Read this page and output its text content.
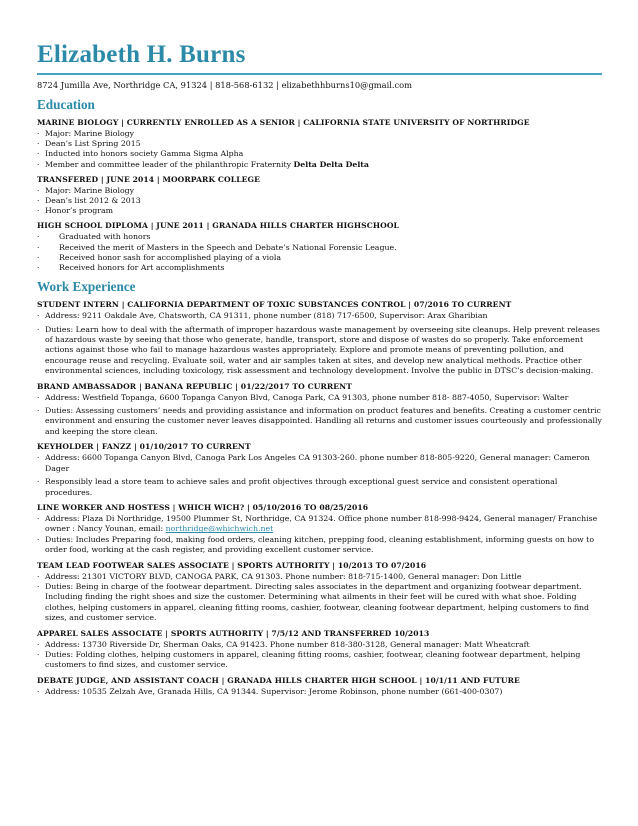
Elizabeth H. Burns
8724 Jumilla Ave, Northridge CA, 91324 | 818-568-6132 | elizabethhburns10@gmail.com
Education
MARINE BIOLOGY | CURRENTLY ENROLLED AS A SENIOR | CALIFORNIA STATE UNIVERSITY OF NORTHRIDGE
· Major: Marine Biology
· Dean’s List Spring 2015
· Inducted into honors society Gamma Sigma Alpha
· Member and committee leader of the philanthropic Fraternity Delta Delta Delta
TRANSFERED | JUNE 2014 | MOORPARK COLLEGE
· Major: Marine Biology
· Dean’s list 2012 & 2013
· Honor’s program
HIGH SCHOOL DIPLOMA | JUNE 2011 | GRANADA HILLS CHARTER HIGHSCHOOL
·	Graduated with honors
·	Received the merit of Masters in the Speech and Debate’s National Forensic League.
·	Received honor sash for accomplished playing of a viola
·	Received honors for Art accomplishments
Work Experience
STUDENT INTERN | CALIFORNIA DEPARTMENT OF TOXIC SUBSTANCES CONTROL | 07/2016 TO CURRENT
· Address: 9211 Oakdale Ave, Chatsworth, CA 91311, phone number (818) 717-6500, Supervisor: Arax Gharibian
· Duties: Learn how to deal with the aftermath of improper hazardous waste management by overseeing site cleanups. Help prevent releases of hazardous waste by seeing that those who generate, handle, transport, store and dispose of wastes do so properly. Take enforcement actions against those who fail to manage hazardous wastes appropriately. Explore and promote means of preventing pollution, and encourage reuse and recycling. Evaluate soil, water and air samples taken at sites, and develop new analytical methods. Practice other environmental sciences, including toxicology, risk assessment and technology development. Involve the public in DTSC’s decision-making.
BRAND AMBASSADOR | BANANA REPUBLIC | 01/22/2017 TO CURRENT
· Address: Westfield Topanga, 6600 Topanga Canyon Blvd, Canoga Park, CA 91303, phone number 818- 887-4050, Supervisor: Walter
· Duties: Assessing customers’ needs and providing assistance and information on product features and benefits. Creating a customer centric environment and ensuring the customer never leaves disappointed. Handling all returns and customer issues courteously and professionally and keeping the store clean.
KEYHOLDER | FANZZ | 01/10/2017 TO CURRENT
· Address: 6600 Topanga Canyon Blvd, Canoga Park Los Angeles CA 91303-260. phone number 818-805-9220, General manager: Cameron Dager
· Responsibly lead a store team to achieve sales and profit objectives through exceptional guest service and consistent operational procedures.
LINE WORKER AND HOSTESS | WHICH WICH? | 05/10/2016 TO 08/25/2016
· Address: Plaza Di Northridge, 19500 Plummer St, Northridge, CA 91324. Office phone number 818-998-9424, General manager/ Franchise owner : Nancy Younan, email: northridge@whichwich.net
· Duties: Includes Preparing food, making food orders, cleaning kitchen, prepping food, cleaning establishment, informing guests on how to order food, working at the cash register, and providing excellent customer service.
TEAM LEAD FOOTWEAR SALES ASSOCIATE | SPORTS AUTHORITY | 10/2013 TO 07/2016
· Address: 21301 VICTORY BLVD, CANOGA PARK, CA 91303. Phone number: 818-715-1400, General manager: Don Little
· Duties: Being in charge of the footwear department. Directing sales associates in the department and organizing footwear department. Including finding the right shoes and size the customer. Determining what ailments in their feet will be cured with what shoe. Folding clothes, helping customers in apparel, cleaning fitting rooms, cashier, footwear, cleaning footwear department, helping customers to find sizes, and customer service.
APPAREL SALES ASSOCIATE | SPORTS AUTHORITY | 7/5/12 AND TRANSFERRED 10/2013
· Address: 13730 Riverside Dr, Sherman Oaks, CA 91423. Phone number 818-380-3128, General manager: Matt Wheatcraft
· Duties: Folding clothes, helping customers in apparel, cleaning fitting rooms, cashier, footwear, cleaning footwear department, helping customers to find sizes, and customer service.
DEBATE JUDGE, AND ASSISTANT COACH | GRANADA HILLS CHARTER HIGH SCHOOL | 10/1/11 AND FUTURE
· Address: 10535 Zelzah Ave, Granada Hills, CA 91344. Supervisor: Jerome Robinson, phone number (661-400-0307)
